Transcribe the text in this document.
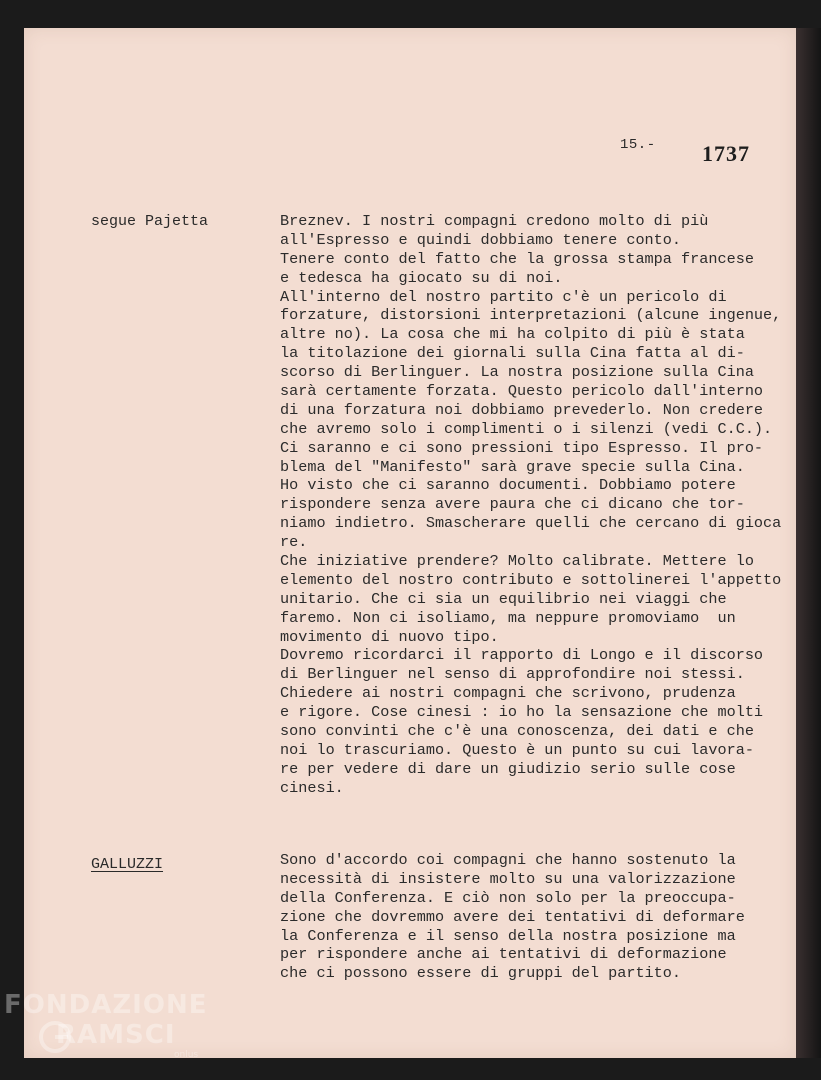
15.- 1737
segue Pajetta	Breznev. I nostri compagni credono molto di più
all'Espresso e quindi dobbiamo tenere conto.
Tenere conto del fatto che la grossa stampa francese
e tedesca ha giocato su di noi.
All'interno del nostro partito c'è un pericolo di
forzature, distorsioni interpretazioni (alcune ingenue,
altre no). La cosa che mi ha colpito di più è stata
la titolazione dei giornali sulla Cina fatta al di-
scorso di Berlinguer. La nostra posizione sulla Cina
sarà certamente forzata. Questo pericolo dall'interno
di una forzatura noi dobbiamo prevederlo. Non credere
che avremo solo i complimenti o i silenzi (vedi C.C.).
Ci saranno e ci sono pressioni tipo Espresso. Il pro-
blema del "Manifesto" sarà grave specie sulla Cina.
Ho visto che ci saranno documenti. Dobbiamo potere
rispondere senza avere paura che ci dicano che tor-
niamo indietro. Smascherare quelli che cercano di gioca
re.
Che iniziative prendere? Molto calibrate. Mettere lo
elemento del nostro contributo e sottolinerei l'appetto
unitario. Che ci sia un equilibrio nei viaggi che
faremo. Non ci isoliamo, ma neppure promoviamo  un
movimento di nuovo tipo.
Dovremo ricordarci il rapporto di Longo e il discorso
di Berlinguer nel senso di approfondire noi stessi.
Chiedere ai nostri compagni che scrivono, prudenza
e rigore. Cose cinesi : io ho la sensazione che molti
sono convinti che c'è una conoscenza, dei dati e che
noi lo trascuriamo. Questo è un punto su cui lavora-
re per vedere di dare un giudizio serio sulle cose
cinesi.
GALLUZZI	Sono d'accordo coi compagni che hanno sostenuto la
necessità di insistere molto su una valorizzazione
della Conferenza. E ciò non solo per la preoccupa-
zione che dovremmo avere dei tentativi di deformare
la Conferenza e il senso della nostra posizione ma
per rispondere anche ai tentativi di deformazione
che ci possono essere di gruppi del partito.
FONDAZIONE
RAMSCI
onlus
